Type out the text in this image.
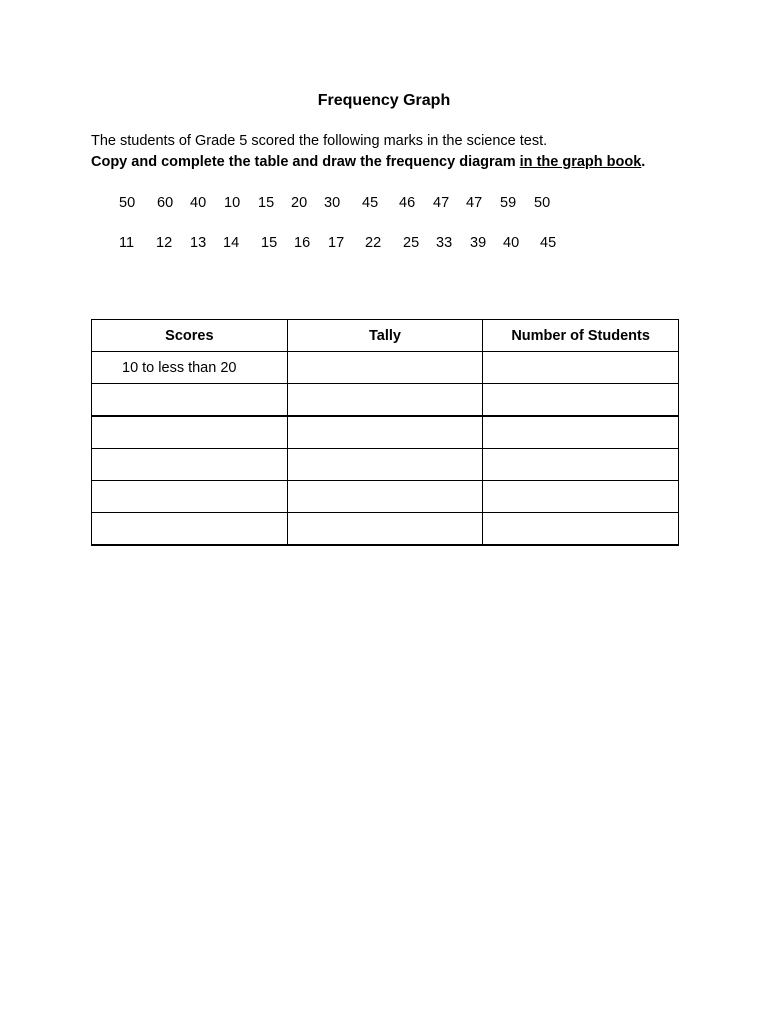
Frequency Graph
The students of Grade 5 scored the following marks in the science test.
Copy and complete the table and draw the frequency diagram in the graph book.
50 60 40 10 15 20 30 45 46 47 47 59 50
11 12 13 14 15 16 17 22 25 33 39 40 45
Scores	Tally	Number of Students
10 to less than 20		
